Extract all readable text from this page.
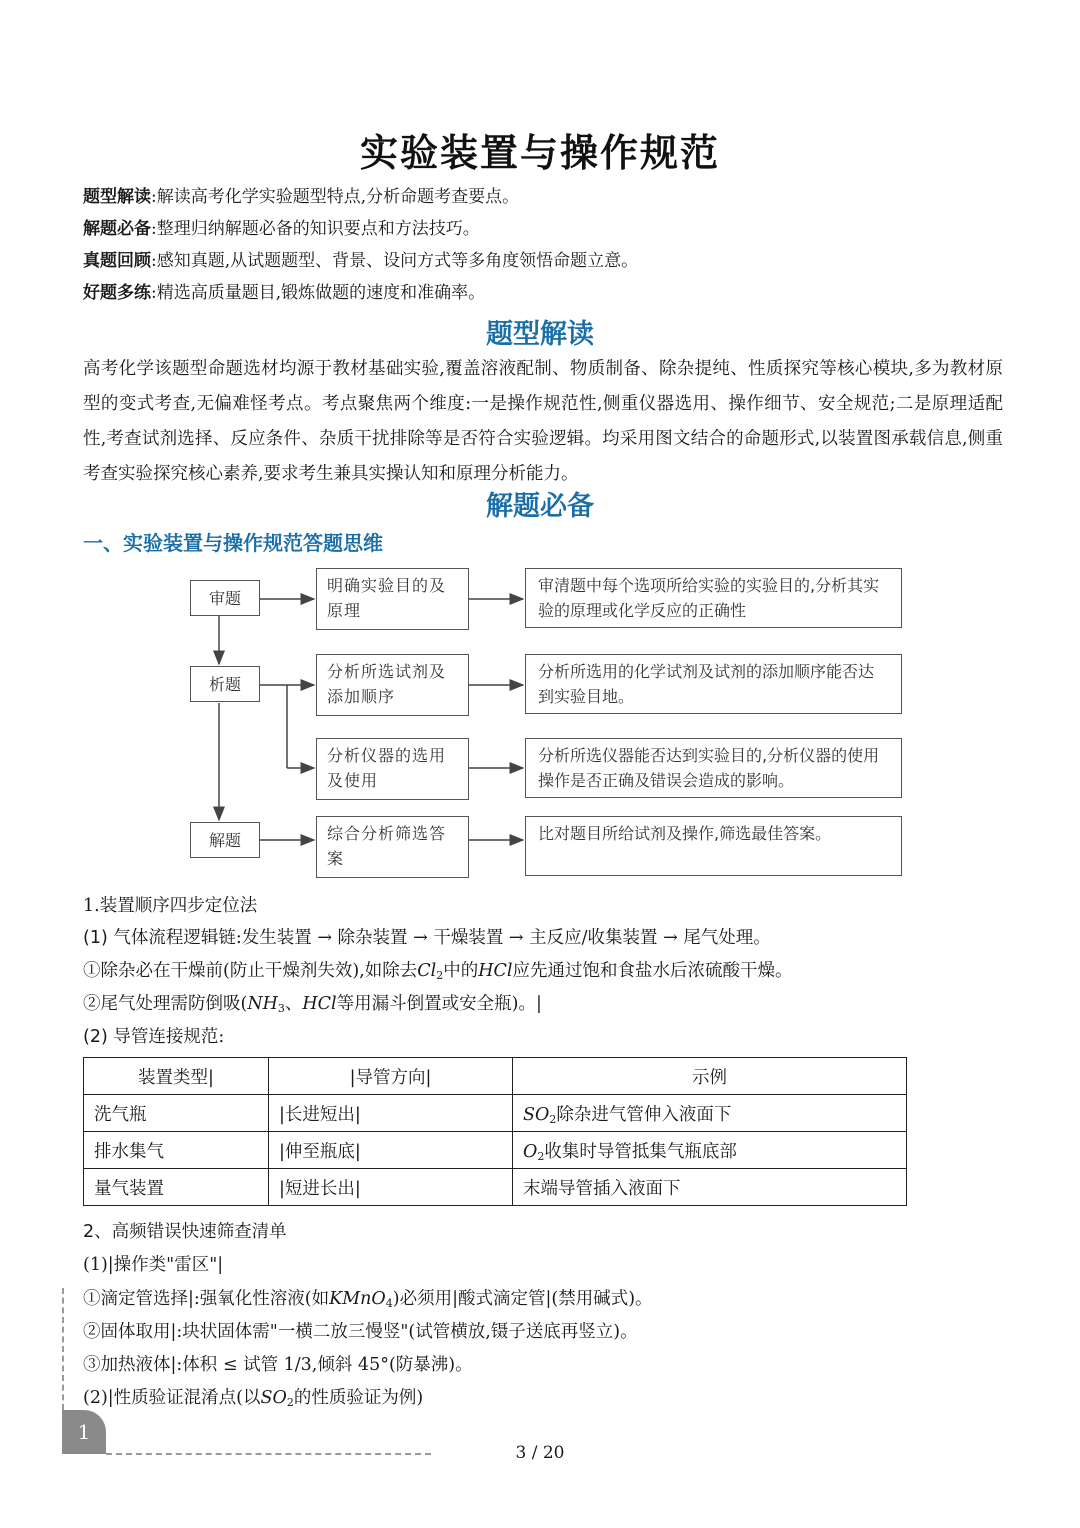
实验装置与操作规范
题型解读:解读高考化学实验题型特点,分析命题考查要点。
解题必备:整理归纳解题必备的知识要点和方法技巧。
真题回顾:感知真题,从试题题型、背景、设问方式等多角度领悟命题立意。
好题多练:精选高质量题目,锻炼做题的速度和准确率。
题型解读
高考化学该题型命题选材均源于教材基础实验,覆盖溶液配制、物质制备、除杂提纯、性质探究等核心模块,多为教材原型的变式考查,无偏难怪考点。考点聚焦两个维度:一是操作规范性,侧重仪器选用、操作细节、安全规范;二是原理适配性,考查试剂选择、反应条件、杂质干扰排除等是否符合实验逻辑。均采用图文结合的命题形式,以装置图承载信息,侧重考查实验探究核心素养,要求考生兼具实操认知和原理分析能力。
解题必备
一、实验装置与操作规范答题思维
审题
析题
解题
明确实验目的及原理
分析所选试剂及添加顺序
分析仪器的选用及使用
综合分析筛选答案
审清题中每个选项所给实验的实验目的,分析其实验的原理或化学反应的正确性
分析所选用的化学试剂及试剂的添加顺序能否达到实验目地。
分析所选仪器能否达到实验目的,分析仪器的使用操作是否正确及错误会造成的影响。
比对题目所给试剂及操作,筛选最佳答案。
1.装置顺序四步定位法
(1) 气体流程逻辑链:发生装置 → 除杂装置 → 干燥装置 → 主反应/收集装置 → 尾气处理。
①除杂必在干燥前(防止干燥剂失效),如除去Cl2中的HCl应先通过饱和食盐水后浓硫酸干燥。
②尾气处理需防倒吸(NH3、HCl等用漏斗倒置或安全瓶)。|
(2) 导管连接规范:
装置类型|	|导管方向|	示例
洗气瓶	|长进短出|	SO2除杂进气管伸入液面下
排水集气	|伸至瓶底|	O2收集时导管抵集气瓶底部
量气装置	|短进长出|	末端导管插入液面下
2、高频错误快速筛查清单
(1)|操作类"雷区"|
①滴定管选择|:强氧化性溶液(如KMnO4)必须用|酸式滴定管|(禁用碱式)。
②固体取用|:块状固体需"一横二放三慢竖"(试管横放,镊子送底再竖立)。
③加热液体|:体积 ≤ 试管 1/3,倾斜 45°(防暴沸)。
(2)|性质验证混淆点(以SO2的性质验证为例)
1
3 / 20
